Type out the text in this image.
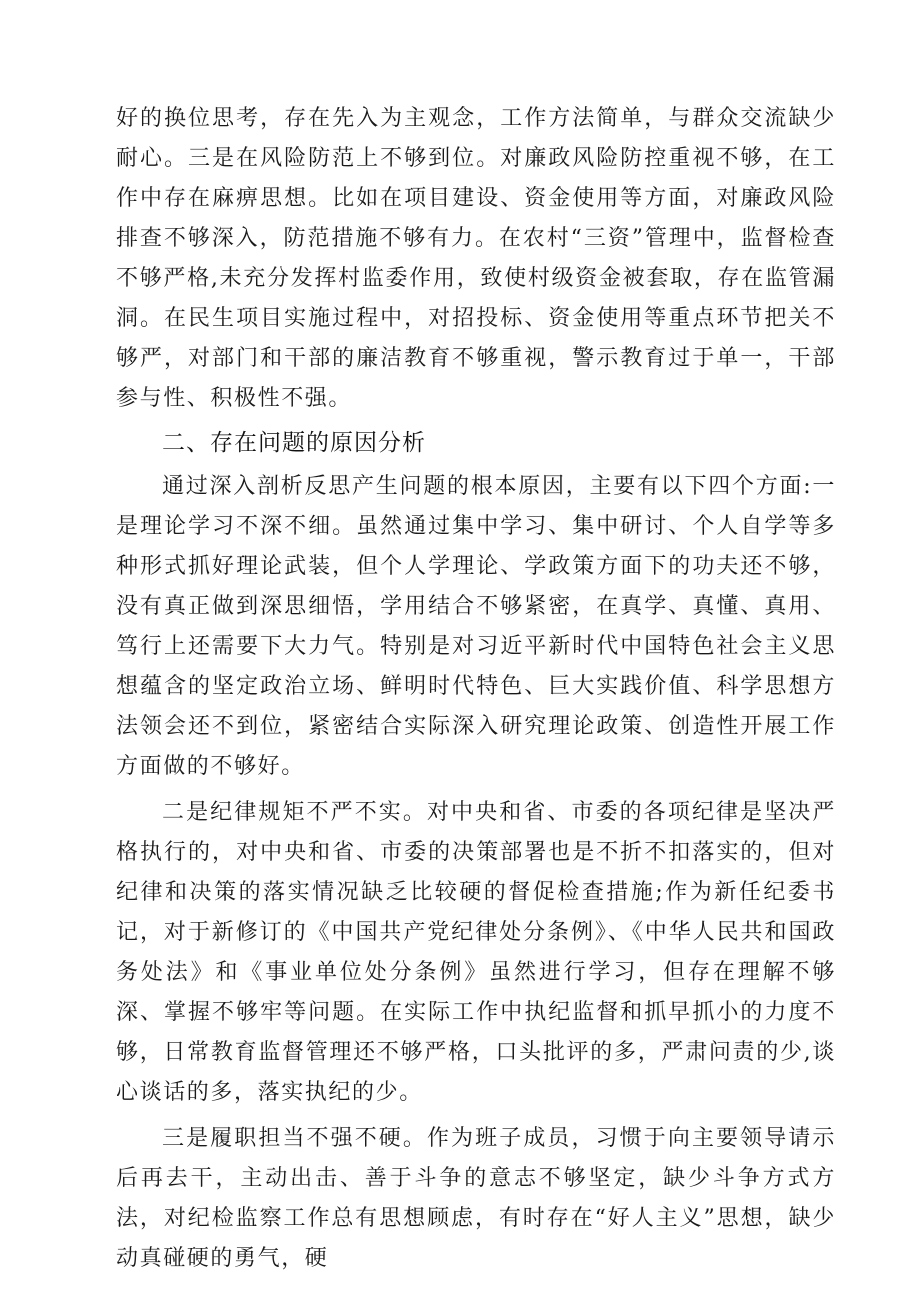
好的换位思考，存在先入为主观念，工作方法简单，与群众交流缺少耐心。三是在风险防范上不够到位。对廉政风险防控重视不够，在工作中存在麻痹思想。比如在项目建设、资金使用等方面，对廉政风险排查不够深入，防范措施不够有力。在农村“三资”管理中，监督检查不够严格,未充分发挥村监委作用，致使村级资金被套取，存在监管漏洞。在民生项目实施过程中，对招投标、资金使用等重点环节把关不够严，对部门和干部的廉洁教育不够重视，警示教育过于单一，干部参与性、积极性不强。

二、存在问题的原因分析

通过深入剖析反思产生问题的根本原因，主要有以下四个方面:一是理论学习不深不细。虽然通过集中学习、集中研讨、个人自学等多种形式抓好理论武装，但个人学理论、学政策方面下的功夫还不够，没有真正做到深思细悟，学用结合不够紧密，在真学、真懂、真用、笃行上还需要下大力气。特别是对习近平新时代中国特色社会主义思想蕴含的坚定政治立场、鲜明时代特色、巨大实践价值、科学思想方法领会还不到位，紧密结合实际深入研究理论政策、创造性开展工作方面做的不够好。

二是纪律规矩不严不实。对中央和省、市委的各项纪律是坚决严格执行的，对中央和省、市委的决策部署也是不折不扣落实的，但对纪律和决策的落实情况缺乏比较硬的督促检查措施;作为新任纪委书记，对于新修订的《中国共产党纪律处分条例》、《中华人民共和国政务处法》和《事业单位处分条例》虽然进行学习，但存在理解不够深、掌握不够牢等问题。在实际工作中执纪监督和抓早抓小的力度不够，日常教育监督管理还不够严格，口头批评的多，严肃问责的少,谈心谈话的多，落实执纪的少。

三是履职担当不强不硬。作为班子成员，习惯于向主要领导请示后再去干，主动出击、善于斗争的意志不够坚定，缺少斗争方式方法，对纪检监察工作总有思想顾虑，有时存在“好人主义”思想，缺少动真碰硬的勇气，硬
